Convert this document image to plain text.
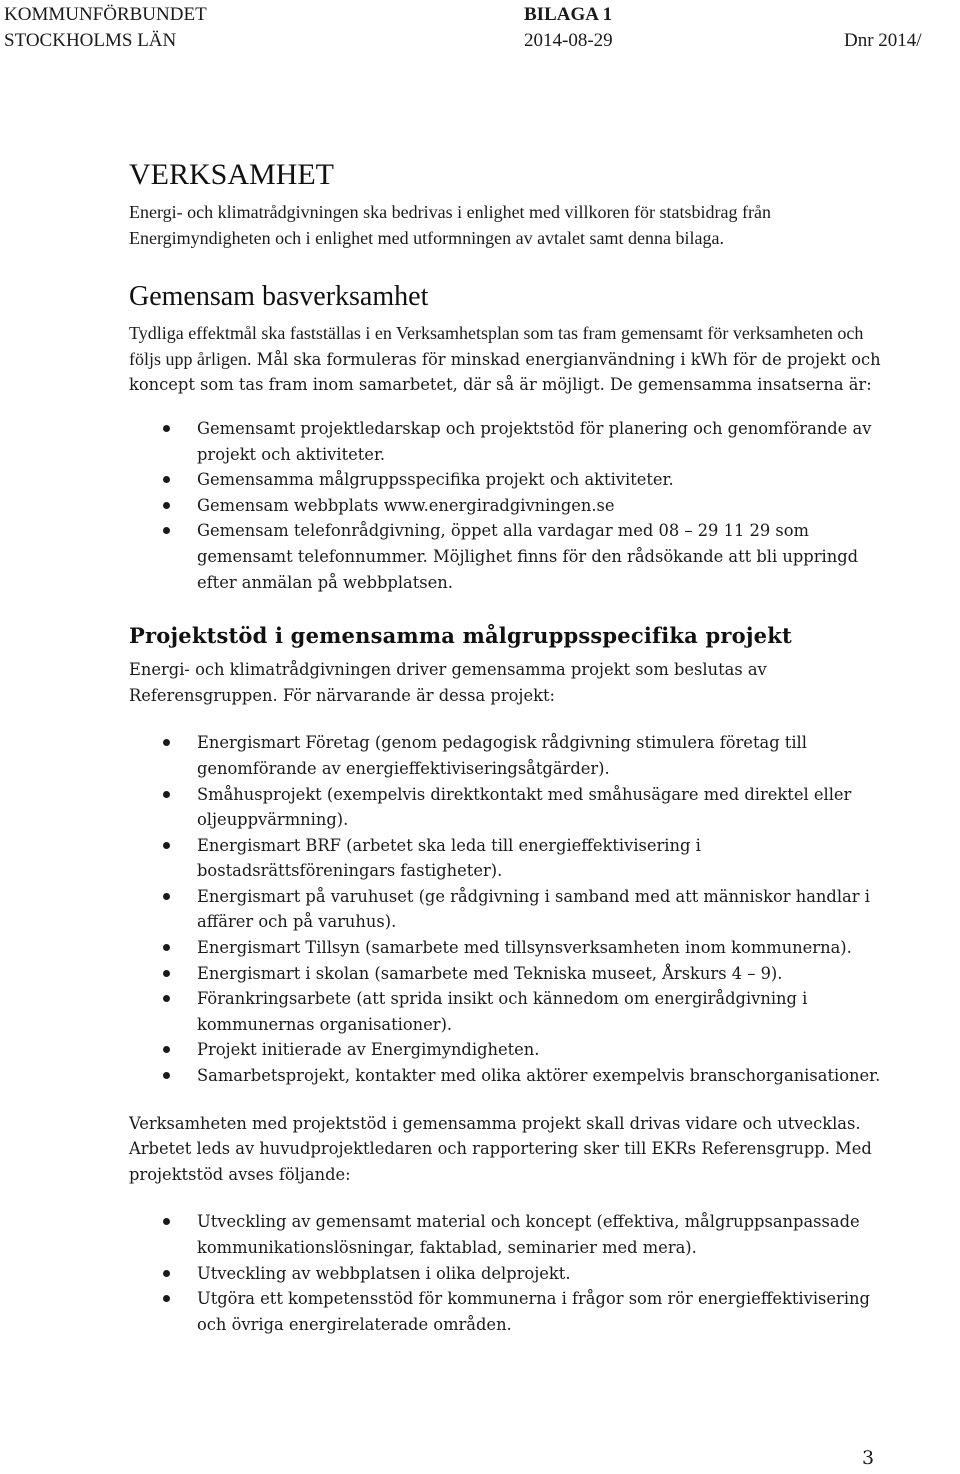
KOMMUNFÖRBUNDET
STOCKHOLMS LÄN
BILAGA 1
2014-08-29
	Dnr 2014/
VERKSAMHET

Energi- och klimatrådgivningen ska bedrivas i enlighet med villkoren för statsbidrag från Energimyndigheten och i enlighet med utformningen av avtalet samt denna bilaga.

Gemensam basverksamhet

Tydliga effektmål ska fastställas i en Verksamhetsplan som tas fram gemensamt för verksamheten och följs upp årligen. Mål ska formuleras för minskad energianvändning i kWh för de projekt och koncept som tas fram inom samarbetet, där så är möjligt. De gemensamma insatserna är:

Gemensamt projektledarskap och projektstöd för planering och genomförande av projekt och aktiviteter.
Gemensamma målgruppsspecifika projekt och aktiviteter.
Gemensam webbplats www.energiradgivningen.se
Gemensam telefonrådgivning, öppet alla vardagar med 08 – 29 11 29 som gemensamt telefonnummer. Möjlighet finns för den rådsökande att bli uppringd efter anmälan på webbplatsen.
Projektstöd i gemensamma målgruppsspecifika projekt

Energi- och klimatrådgivningen driver gemensamma projekt som beslutas av Referensgruppen. För närvarande är dessa projekt:

Energismart Företag (genom pedagogisk rådgivning stimulera företag till genomförande av energieffektiviseringsåtgärder).
Småhusprojekt (exempelvis direktkontakt med småhusägare med direktel eller oljeuppvärmning).
Energismart BRF (arbetet ska leda till energieffektivisering i bostadsrättsföreningars fastigheter).
Energismart på varuhuset (ge rådgivning i samband med att människor handlar i affärer och på varuhus).
Energismart Tillsyn (samarbete med tillsynsverksamheten inom kommunerna).
Energismart i skolan (samarbete med Tekniska museet, Årskurs 4 – 9).
Förankringsarbete (att sprida insikt och kännedom om energirådgivning i kommunernas organisationer).
Projekt initierade av Energimyndigheten.
Samarbetsprojekt, kontakter med olika aktörer exempelvis branschorganisationer.

Verksamheten med projektstöd i gemensamma projekt skall drivas vidare och utvecklas. Arbetet leds av huvudprojektledaren och rapportering sker till EKRs Referensgrupp. Med projektstöd avses följande:

Utveckling av gemensamt material och koncept (effektiva, målgruppsanpassade kommunikationslösningar, faktablad, seminarier med mera).
Utveckling av webbplatsen i olika delprojekt.
Utgöra ett kompetensstöd för kommunerna i frågor som rör energieffektivisering och övriga energirelaterade områden.
3
